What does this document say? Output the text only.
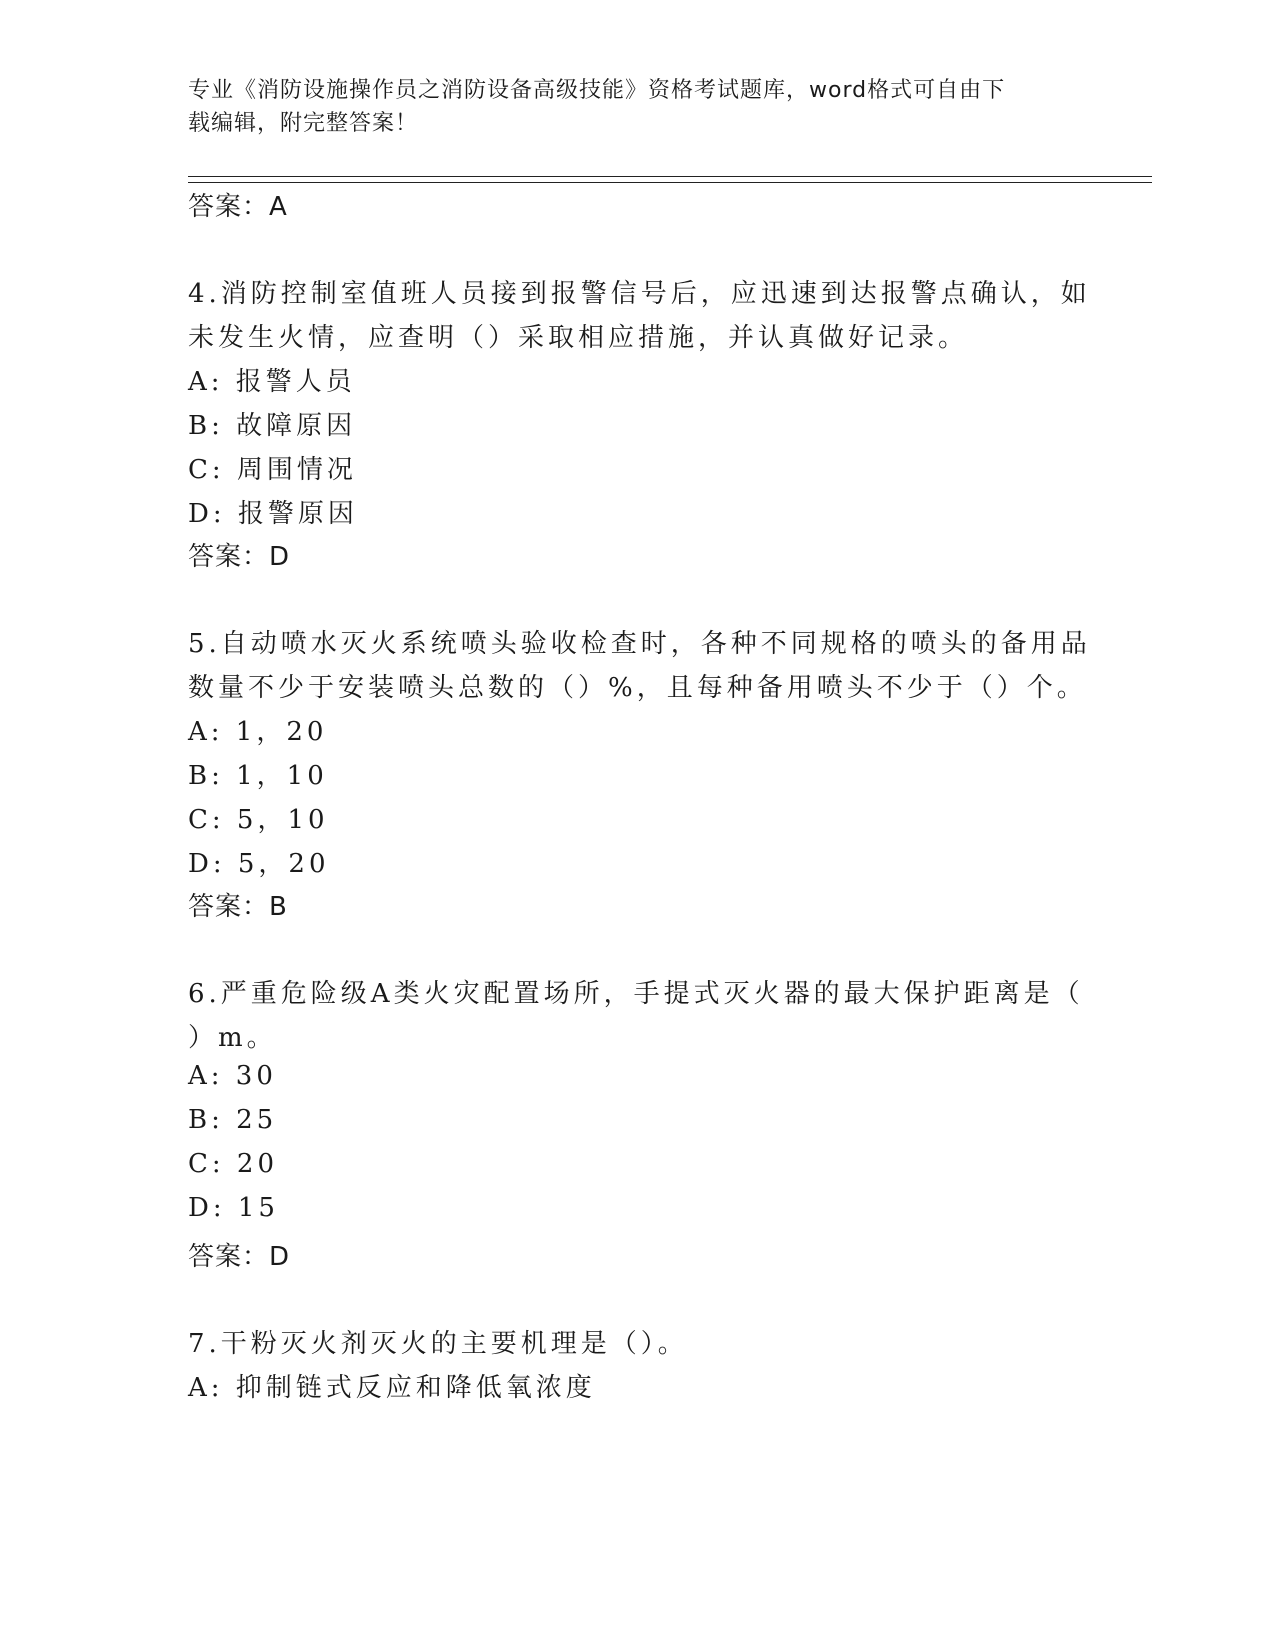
专业《消防设施操作员之消防设备高级技能》资格考试题库，word格式可自由下
载编辑，附完整答案！
答案：A
4.消防控制室值班人员接到报警信号后，应迅速到达报警点确认，如
未发生火情，应查明（）采取相应措施，并认真做好记录。
A: 报警人员
B: 故障原因
C: 周围情况
D: 报警原因
答案：D
5.自动喷水灭火系统喷头验收检查时，各种不同规格的喷头的备用品
数量不少于安装喷头总数的（）%，且每种备用喷头不少于（）个。
A: 1，20
B: 1，10
C: 5，10
D: 5，20
答案：B
6.严重危险级A类火灾配置场所，手提式灭火器的最大保护距离是（
）m。
A: 30
B: 25
C: 20
D: 15
答案：D
7.干粉灭火剂灭火的主要机理是（）。
A: 抑制链式反应和降低氧浓度
